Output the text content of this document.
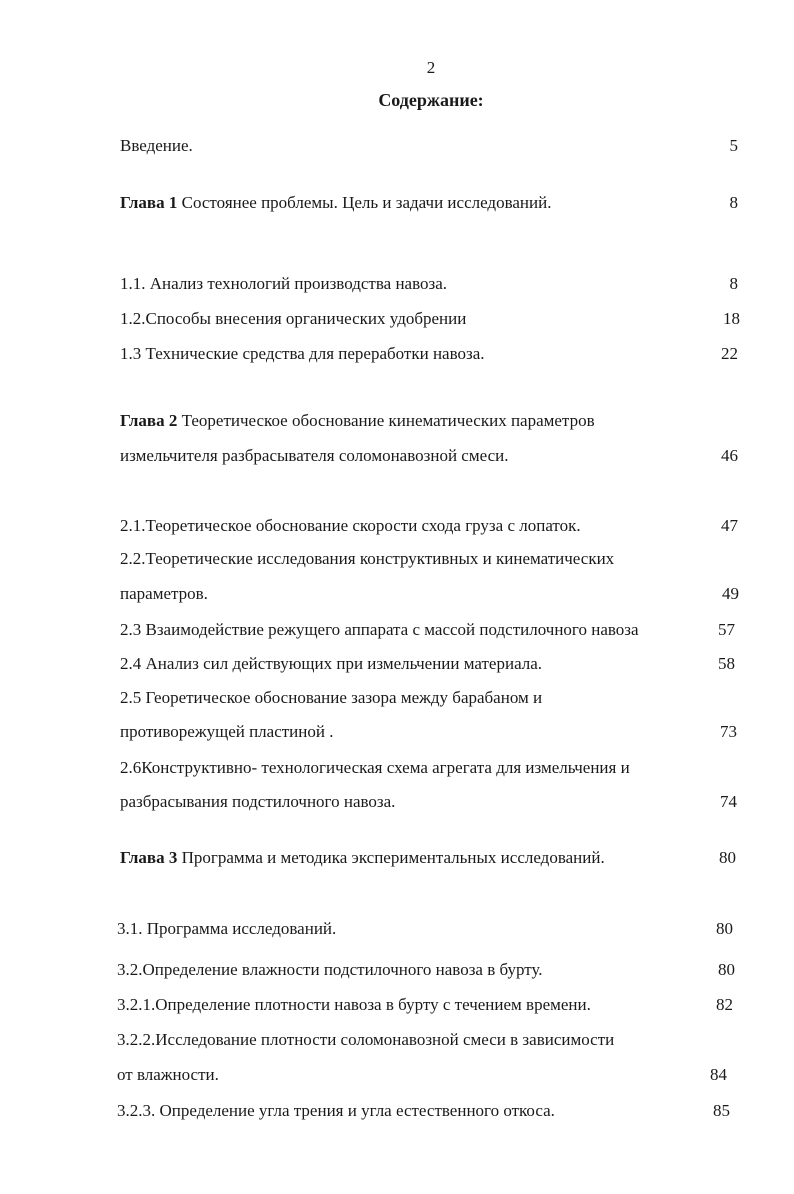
2
Содержание:
Введение.	5
Глава 1 Состоянее проблемы. Цель и задачи исследований.	8
1.1. Анализ технологий производства навоза.	8
1.2.Способы внесения органических удобрении	18
1.3 Технические средства для переработки навоза.	22
Глава 2 Теоретическое обоснование кинематических параметров
измельчителя разбрасывателя соломонавозной смеси.	46
2.1.Теоретическое обоснование скорости схода груза с лопаток.	47
2.2.Теоретические исследования конструктивных и кинематических
параметров.	49
2.3 Взаимодействие режущего аппарата с массой подстилочного навоза	57
2.4 Анализ сил действующих при измельчении материала.	58
2.5 Георетическое обоснование зазора между барабаном и
противорежущей пластиной .	73
2.6Конструктивно- технологическая схема агрегата для измельчения и
разбрасывания подстилочного навоза.	74
Глава 3 Программа и методика экспериментальных исследований.	80
3.1. Программа исследований.	80
3.2.Определение влажности подстилочного навоза в бурту.	80
3.2.1.Определение плотности навоза в бурту с течением времени.	82
3.2.2.Исследование плотности соломонавозной смеси в зависимости
от влажности.	84
3.2.3. Определение угла трения и угла естественного откоса.	85
